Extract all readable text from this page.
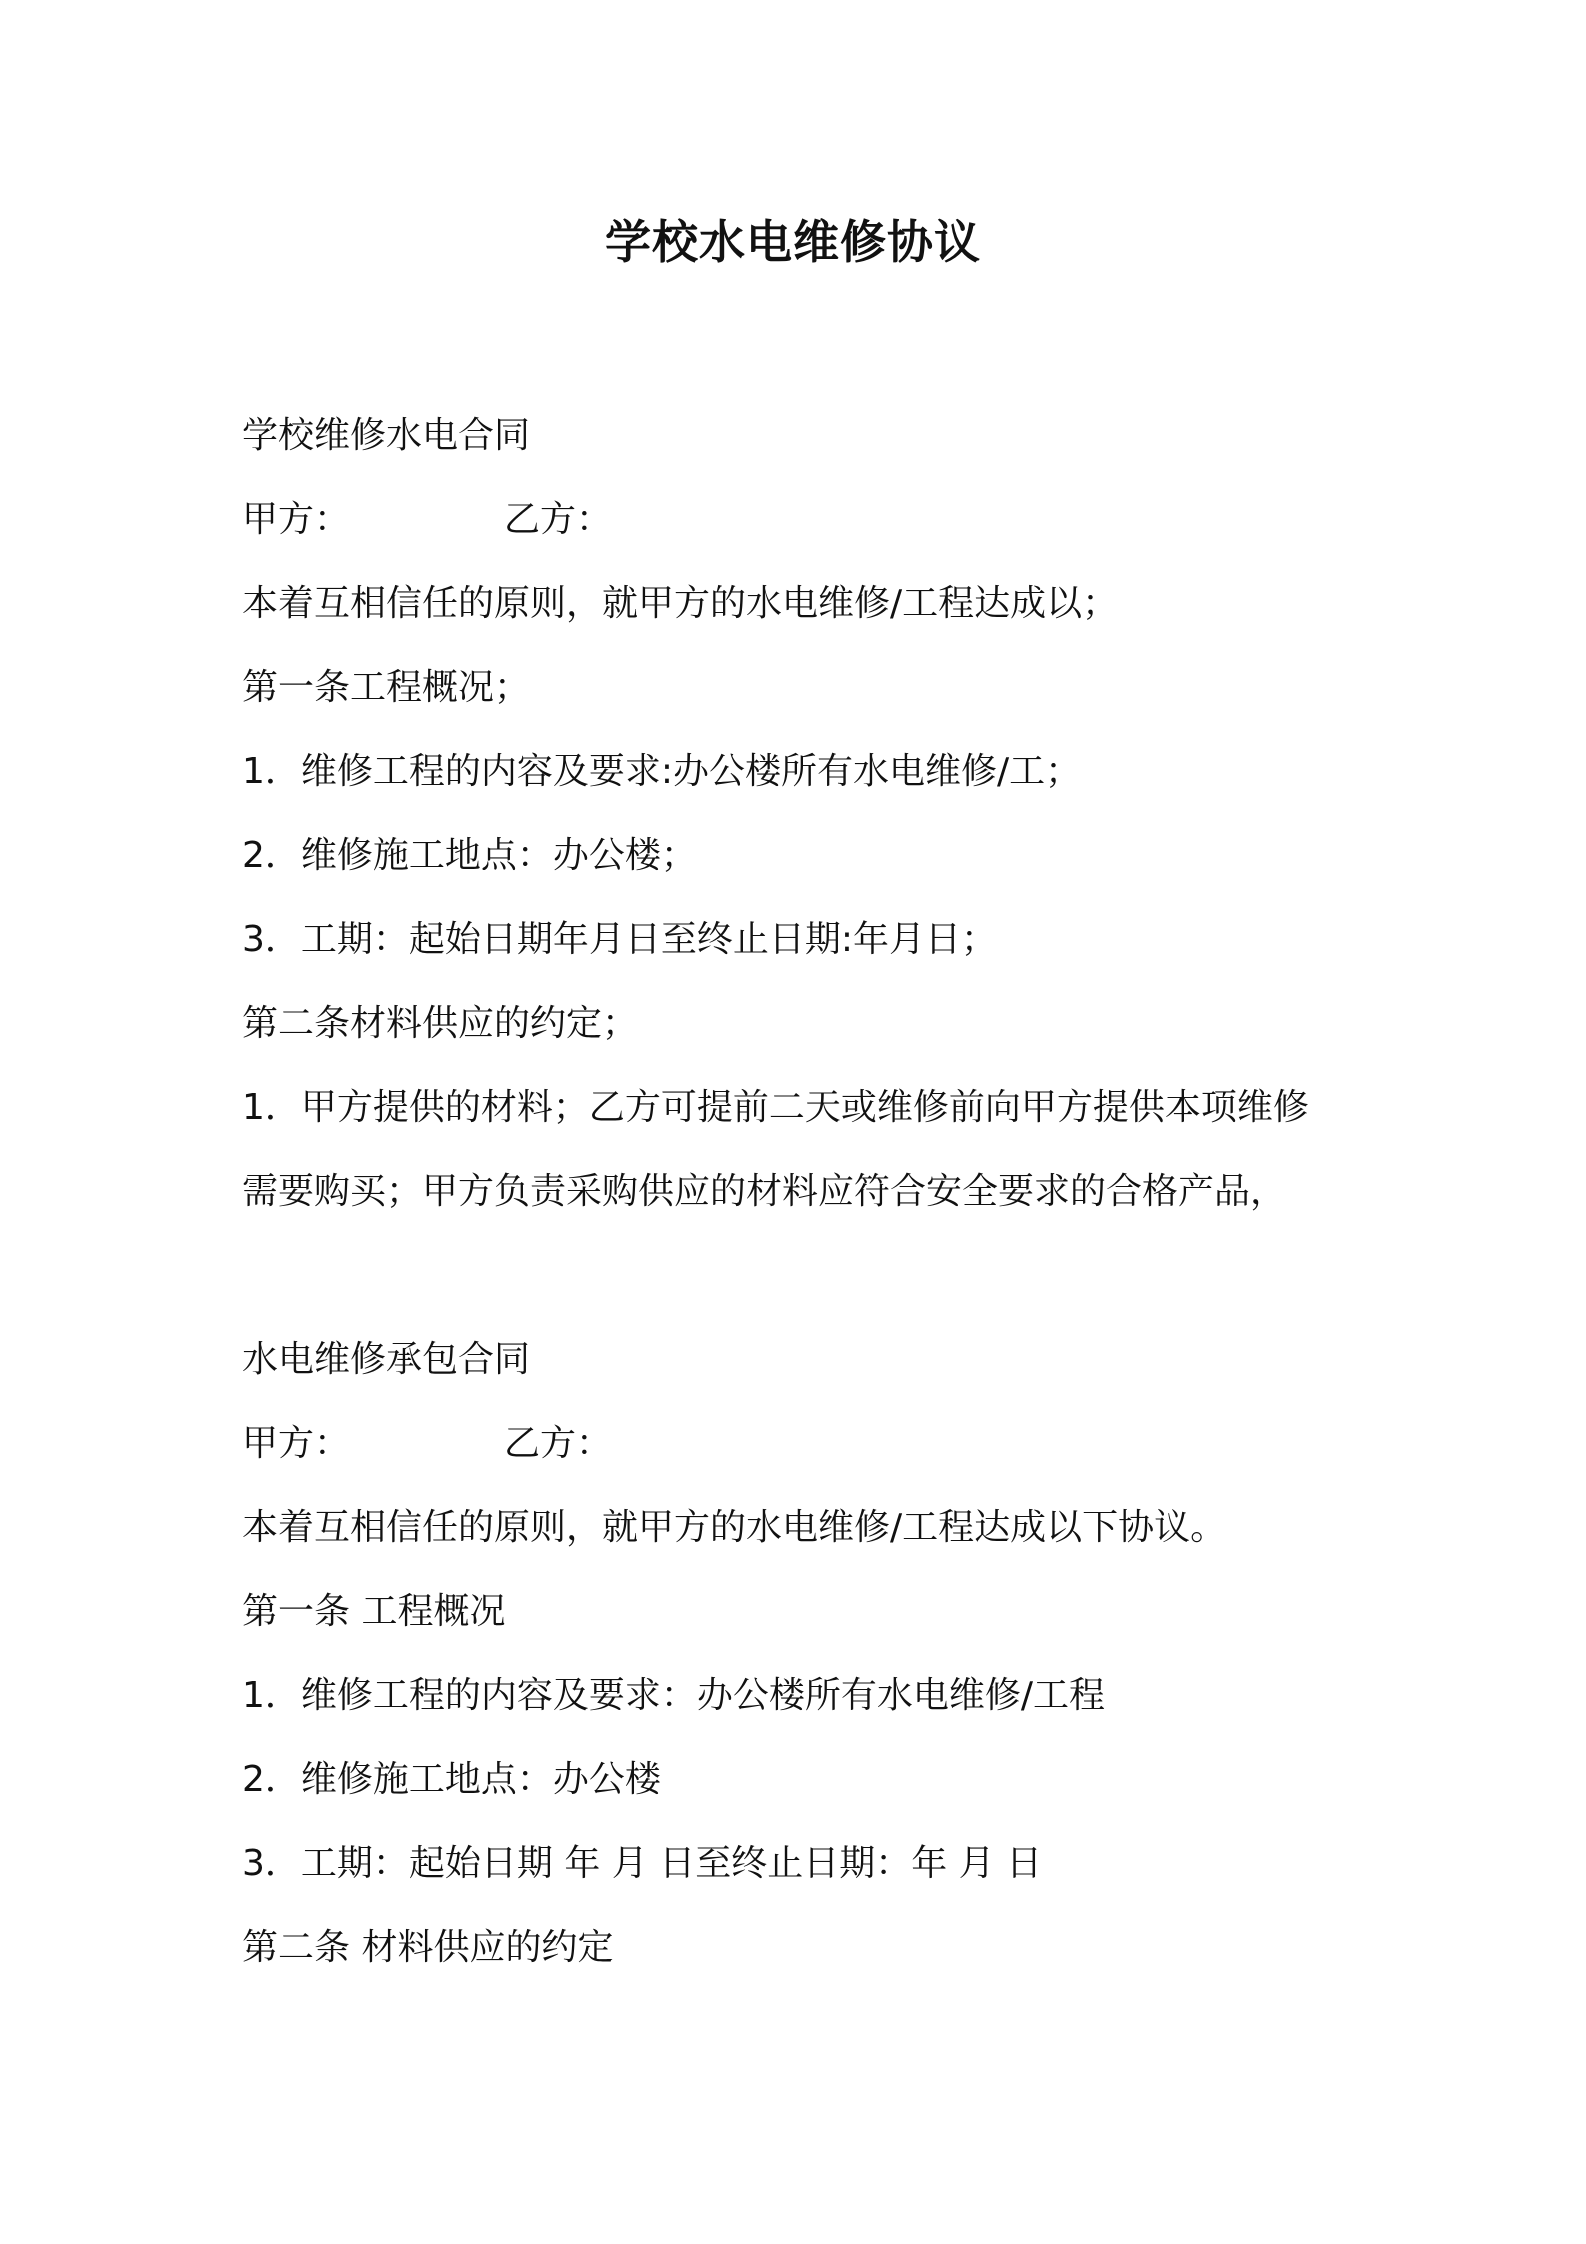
学校水电维修协议
学校维修水电合同
甲方：	乙方：
本着互相信任的原则，就甲方的水电维修/工程达成以；
第一条工程概况；
1．维修工程的内容及要求:办公楼所有水电维修/工；
2．维修施工地点：办公楼；
3．工期：起始日期年月日至终止日期:年月日；
第二条材料供应的约定；
1．甲方提供的材料；乙方可提前二天或维修前向甲方提供本项维修
需要购买；甲方负责采购供应的材料应符合安全要求的合格产品，
水电维修承包合同
甲方：	乙方：
本着互相信任的原则，就甲方的水电维修/工程达成以下协议。
第一条 工程概况
1．维修工程的内容及要求：办公楼所有水电维修/工程
2．维修施工地点：办公楼
3．工期：起始日期 年 月 日至终止日期：年 月 日
第二条 材料供应的约定
